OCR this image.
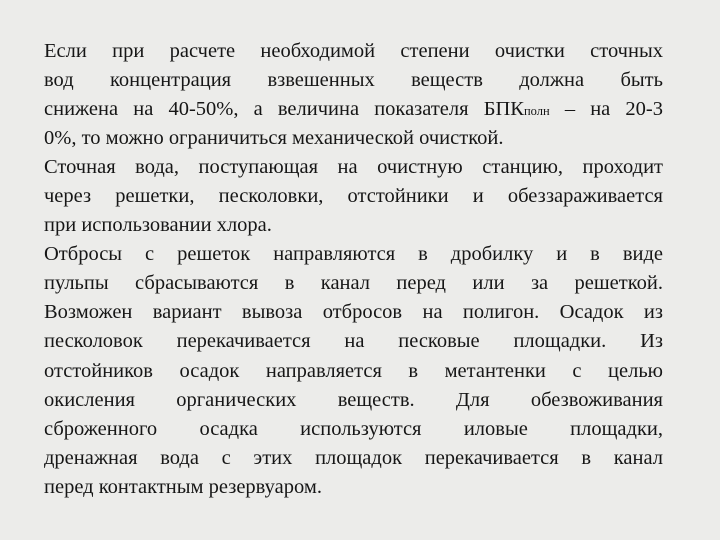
Если при расчете необходимой степени очистки сточных
вод концентрация взвешенных веществ должна быть
снижена на 40-50%, а величина показателя БПКполн – на 20-3
0%, то можно ограничиться механической очисткой.
Сточная вода, поступающая на очистную станцию, проходит
через решетки, песколовки, отстойники и обеззараживается
при использовании хлора.
Отбросы с решеток направляются в дробилку и в виде
пульпы сбрасываются в канал перед или за решеткой.
Возможен вариант вывоза отбросов на полигон. Осадок из
песколовок перекачивается на песковые площадки. Из
отстойников осадок направляется в метантенки с целью
окисления органических веществ. Для обезвоживания
сброженного осадка используются иловые площадки,
дренажная вода с этих площадок перекачивается в канал
перед контактным резервуаром.
